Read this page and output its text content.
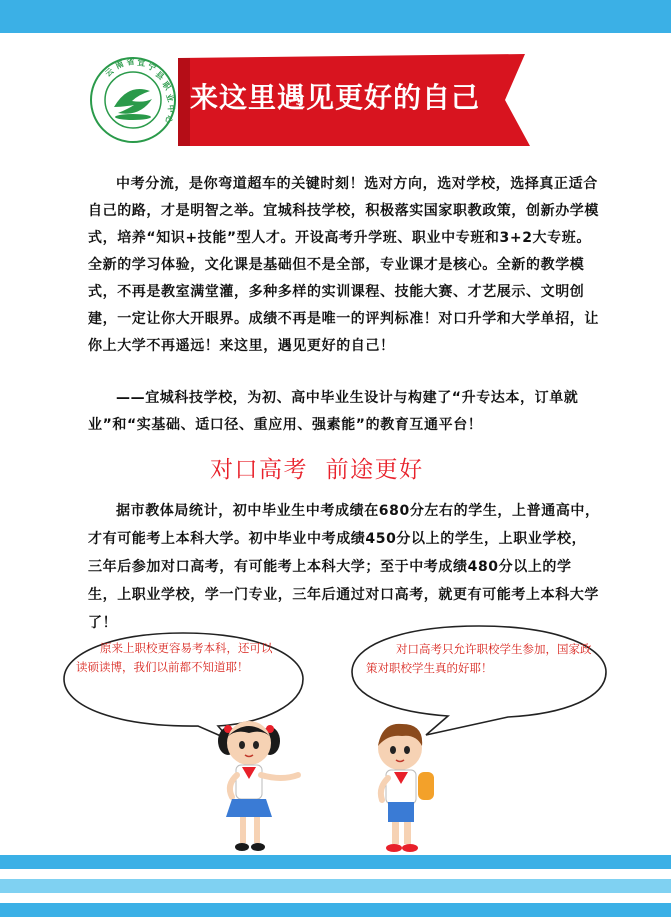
云
南 省 宜 宁
县
职
业
中
心
来这里遇见更好的自己

中考分流，是你弯道超车的关键时刻！选对方向，选对学校，选择真正适合自己的路，才是明智之举。宜城科技学校，积极落实国家职教政策，创新办学模式，培养“知识+技能”型人才。开设高考升学班、职业中专班和3+2大专班。全新的学习体验，文化课是基础但不是全部，专业课才是核心。全新的教学模式，不再是教室满堂灌，多种多样的实训课程、技能大赛、才艺展示、文明创建，一定让你大开眼界。成绩不再是唯一的评判标准！对口升学和大学单招，让你上大学不再遥远！来这里，遇见更好的自己！

——宜城科技学校，为初、高中毕业生设计与构建了“升专达本，订单就业”和“实基础、适口径、重应用、强素能”的教育互通平台！

对口高考  前途更好

据市教体局统计，初中毕业生中考成绩在680分左右的学生，上普通高中，才有可能考上本科大学。初中毕业中考成绩450分以上的学生，上职业学校，三年后参加对口高考，有可能考上本科大学；至于中考成绩480分以上的学生，上职业学校，学一门专业，三年后通过对口高考，就更有可能考上本科大学了！

原来上职校更容易考本科，还可以读硕读博，我们以前都不知道耶！
对口高考只允许职校学生参加，国家政策对职校学生真的好耶！
